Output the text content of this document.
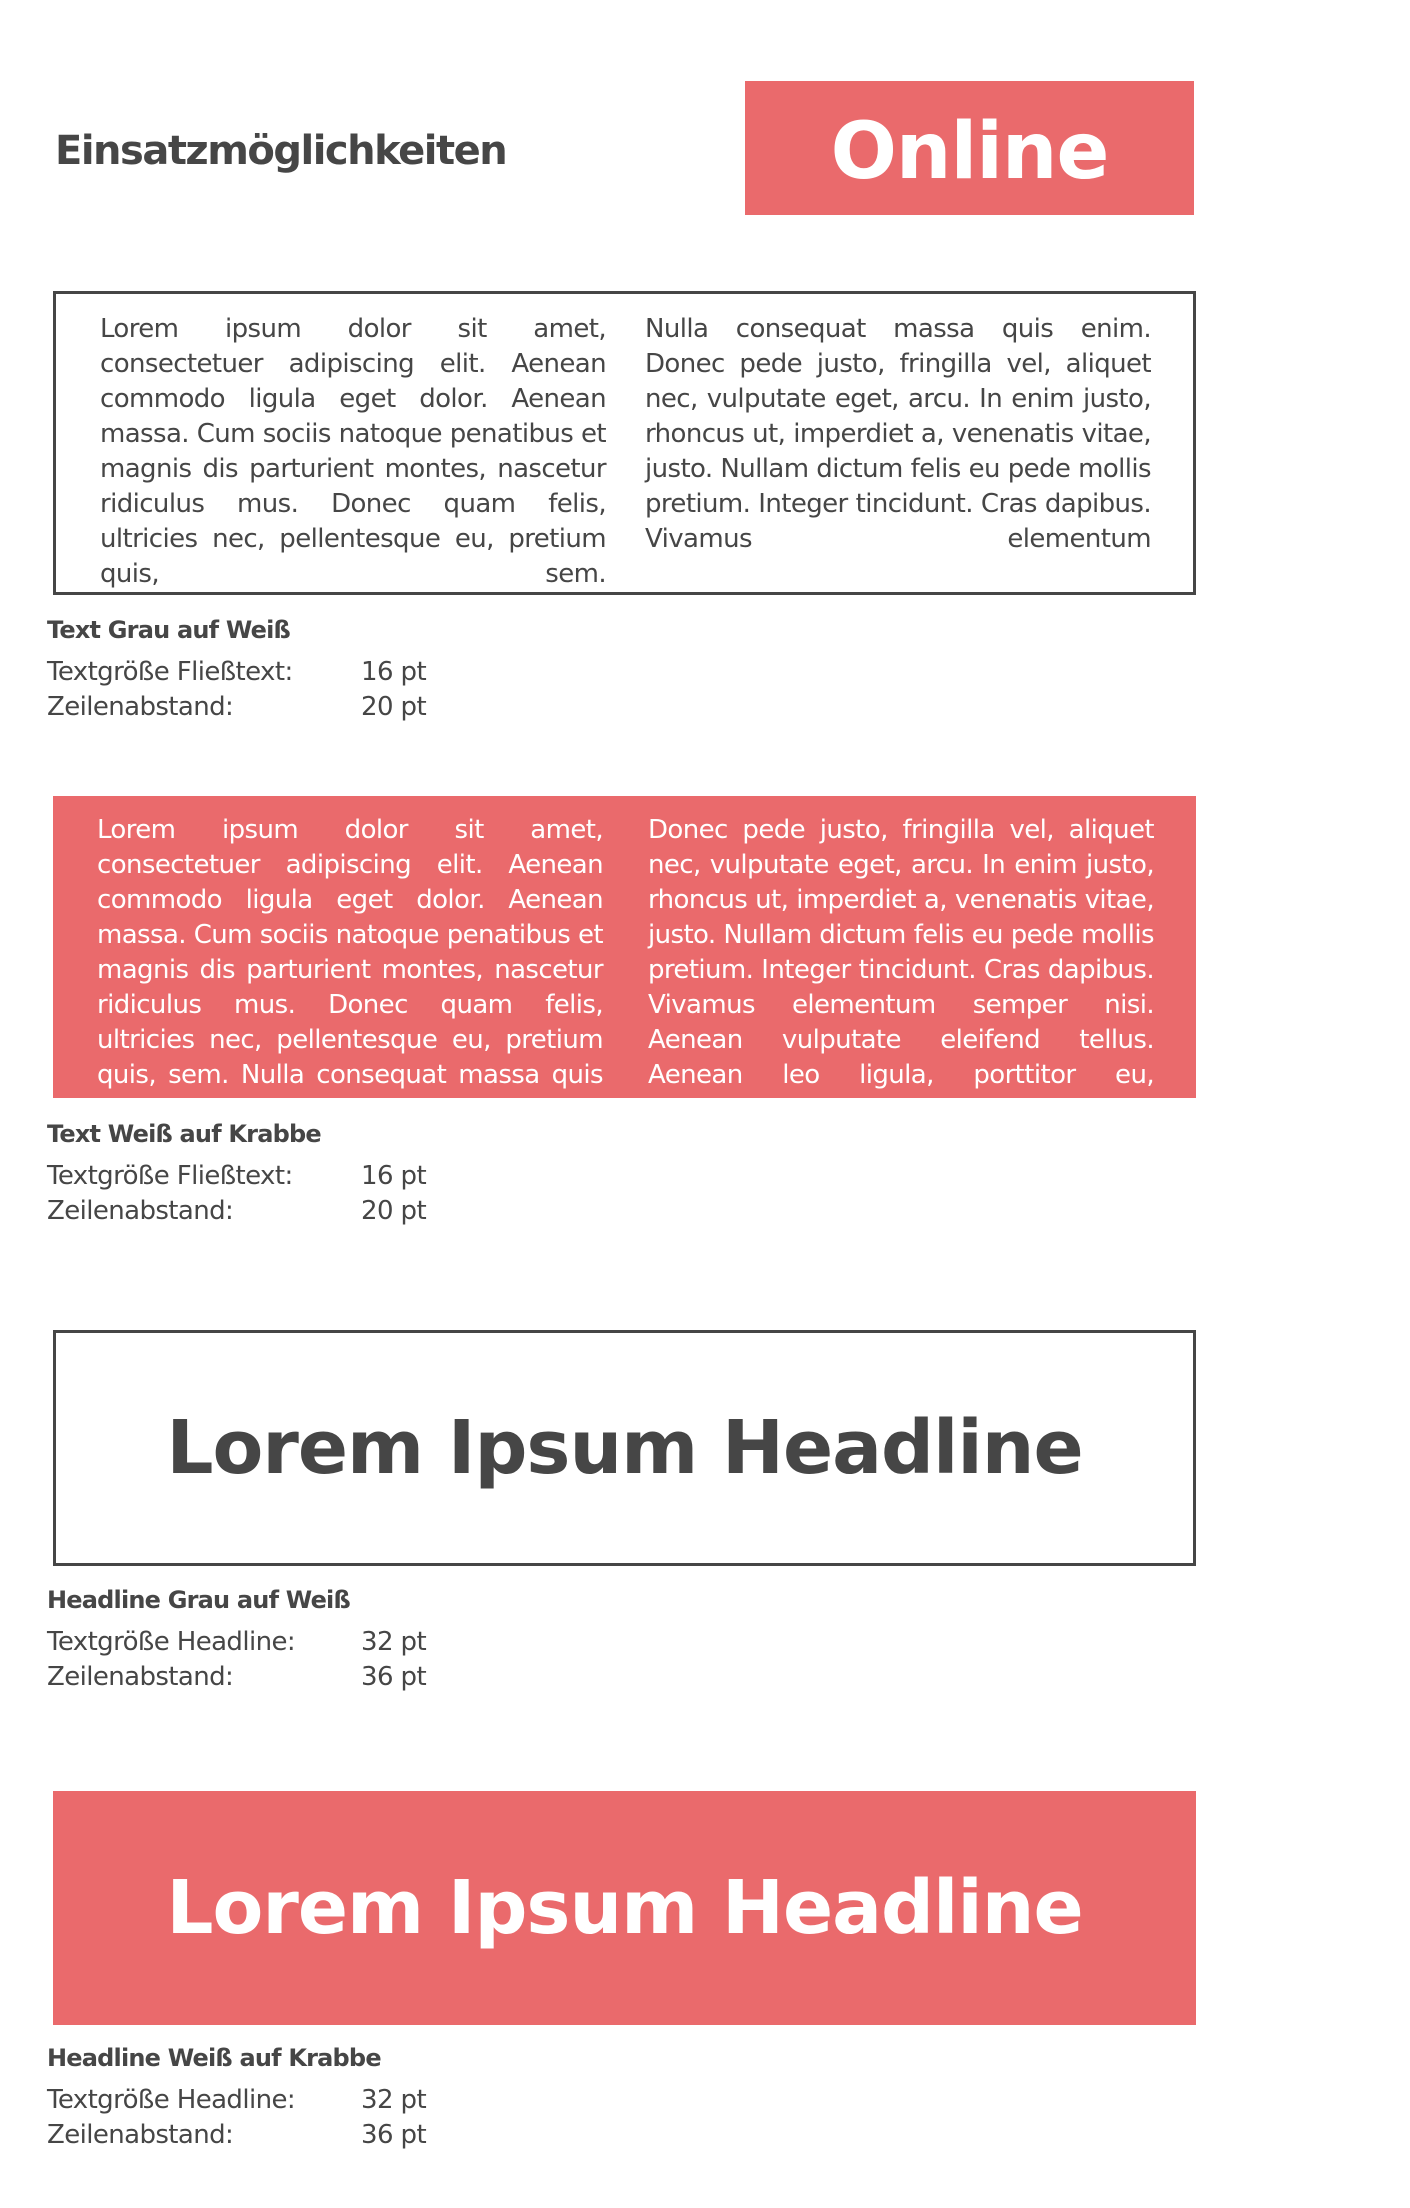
Einsatzmöglichkeiten	Online
Lorem ipsum dolor sit amet, consectetuer adipiscing elit. Aenean commodo ligula eget dolor. Aenean massa. Cum sociis natoque penatibus et magnis dis parturient montes, nascetur ridiculus mus. Donec quam felis, ultricies nec, pellentesque eu, pretium quis, sem.
Nulla consequat massa quis enim. Donec pede justo, fringilla vel, aliquet nec, vulputate eget, arcu. In enim justo, rhoncus ut, imperdiet a, venenatis vitae, justo. Nullam dictum felis eu pede mollis pretium. Integer tincidunt. Cras dapibus. Vivamus elementum
Text Grau auf Weiß
Textgröße Fließtext:	16 pt
Zeilenabstand:	20 pt
Lorem ipsum dolor sit amet, consectetuer adipiscing elit. Aenean commodo ligula eget dolor. Aenean massa. Cum sociis natoque penatibus et magnis dis parturient montes, nascetur ridiculus mus. Donec quam felis, ultricies nec, pellentesque eu, pretium quis, sem. Nulla consequat massa quis enim.
Donec pede justo, fringilla vel, aliquet nec, vulputate eget, arcu. In enim justo, rhoncus ut, imperdiet a, venenatis vitae, justo. Nullam dictum felis eu pede mollis pretium. Integer tincidunt. Cras dapibus. Vivamus elementum semper nisi. Aenean vulputate eleifend tellus. Aenean leo ligula, porttitor eu, consequat
Text Weiß auf Krabbe
Textgröße Fließtext:	16 pt
Zeilenabstand:	20 pt
Lorem Ipsum Headline
Headline Grau auf Weiß
Textgröße Headline:	32 pt
Zeilenabstand:	36 pt
Lorem Ipsum Headline
Headline Weiß auf Krabbe
Textgröße Headline:	32 pt
Zeilenabstand:	36 pt
